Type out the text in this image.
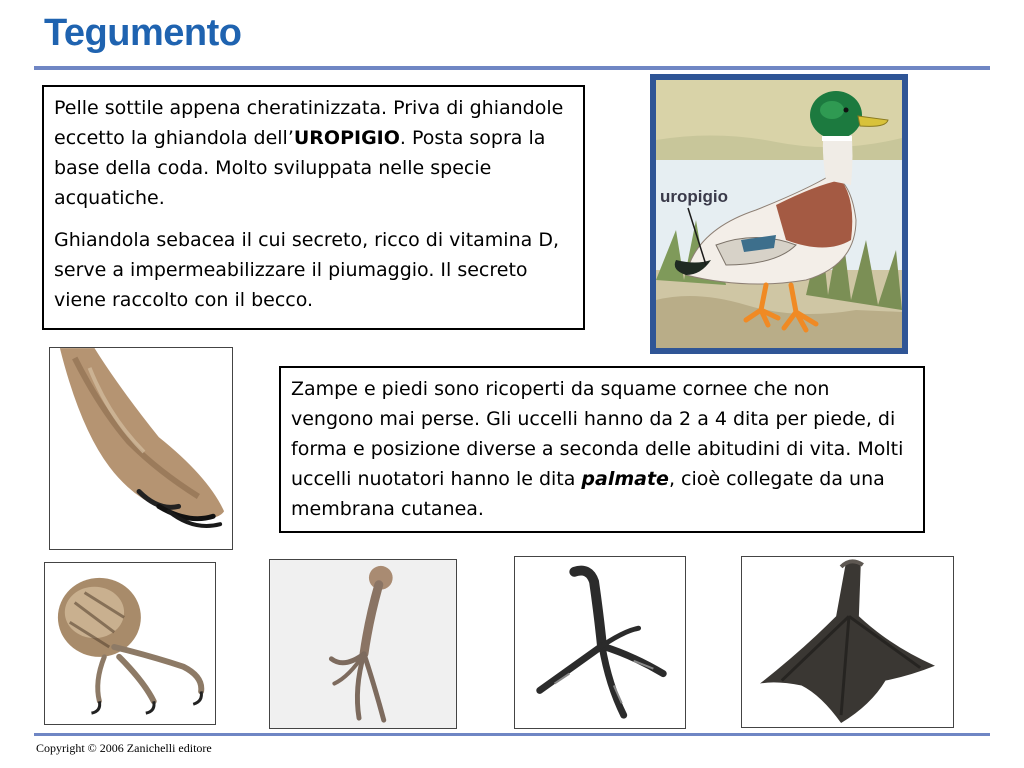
Tegumento

Pelle sottile appena cheratinizzata. Priva di ghiandole eccetto la ghiandola dell’UROPIGIO. Posta sopra la base della coda. Molto sviluppata nelle specie acquatiche.

Ghiandola sebacea il cui secreto, ricco di vitamina D, serve a impermeabilizzare il piumaggio. Il secreto viene raccolto con il becco.

uropigio

Zampe e piedi sono ricoperti da squame cornee che non vengono mai perse. Gli uccelli hanno da 2 a 4 dita per piede, di forma e posizione diverse a seconda delle abitudini di vita. Molti uccelli nuotatori hanno le dita palmate, cioè collegate da una membrana cutanea.

Copyright © 2006 Zanichelli editore
